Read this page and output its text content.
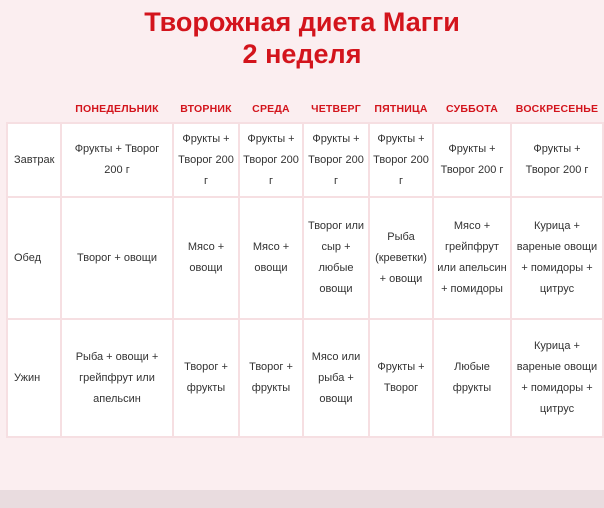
Творожная диета Магги
2 неделя
	ПОНЕДЕЛЬНИК	ВТОРНИК	СРЕДА	ЧЕТВЕРГ	ПЯТНИЦА	СУББОТА	ВОСКРЕСЕНЬЕ
Завтрак	Фрукты + Творог 200 г	Фрукты + Творог 200 г	Фрукты + Творог 200 г	Фрукты + Творог 200 г	Фрукты + Творог 200 г	Фрукты + Творог 200 г	Фрукты + Творог 200 г
Обед	Творог + овощи	Мясо + овощи	Мясо + овощи	Творог или сыр + любые овощи	Рыба (креветки) + овощи	Мясо + грейпфрут или апельсин + помидоры	Курица + вареные овощи + помидоры + цитрус
Ужин	Рыба + овощи + грейпфрут или апельсин	Творог + фрукты	Творог + фрукты	Мясо или рыба + овощи	Фрукты + Творог	Любые фрукты	Курица + вареные овощи + помидоры + цитрус
